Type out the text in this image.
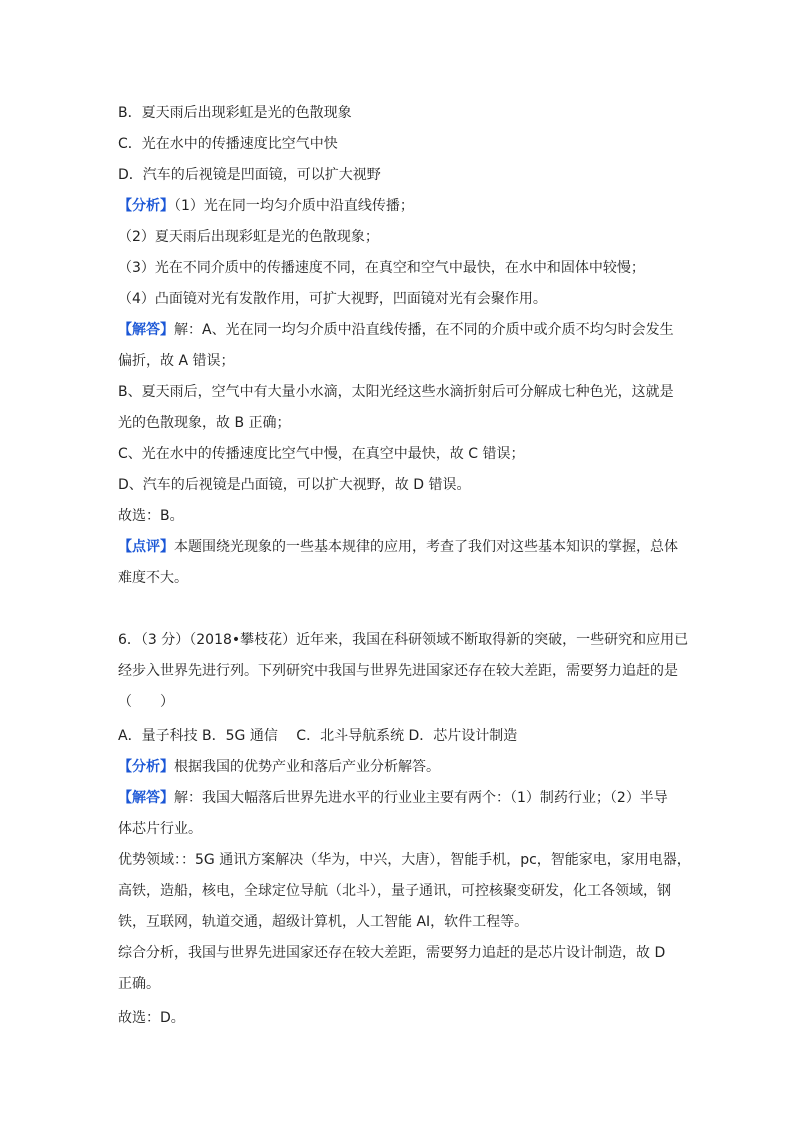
B．夏天雨后出现彩虹是光的色散现象
C．光在水中的传播速度比空气中快
D．汽车的后视镜是凹面镜，可以扩大视野
【分析】（1）光在同一均匀介质中沿直线传播；
（2）夏天雨后出现彩虹是光的色散现象；
（3）光在不同介质中的传播速度不同，在真空和空气中最快，在水中和固体中较慢；
（4）凸面镜对光有发散作用，可扩大视野，凹面镜对光有会聚作用。
【解答】解：A、光在同一均匀介质中沿直线传播，在不同的介质中或介质不均匀时会发生
偏折，故 A 错误；
B、夏天雨后，空气中有大量小水滴，太阳光经这些水滴折射后可分解成七种色光，这就是
光的色散现象，故 B 正确；
C、光在水中的传播速度比空气中慢，在真空中最快，故 C 错误；
D、汽车的后视镜是凸面镜，可以扩大视野，故 D 错误。
故选：B。
【点评】本题围绕光现象的一些基本规律的应用，考查了我们对这些基本知识的掌握，总体
难度不大。
6．（3 分）（2018•攀枝花）近年来，我国在科研领域不断取得新的突破，一些研究和应用已
经步入世界先进行列。下列研究中我国与世界先进国家还存在较大差距，需要努力追赶的是
（　　）
A．量子科技 B．5G 通信　 C．北斗导航系统 D．芯片设计制造
【分析】根据我国的优势产业和落后产业分析解答。
【解答】解：我国大幅落后世界先进水平的行业业主要有两个：（1）制药行业；（2）半导
体芯片行业。
优势领域：：5G 通讯方案解决（华为，中兴，大唐），智能手机，pc，智能家电，家用电器，
高铁，造船，核电，全球定位导航（北斗），量子通讯，可控核聚变研发，化工各领域，钢
铁，互联网，轨道交通，超级计算机，人工智能 AI，软件工程等。
综合分析，我国与世界先进国家还存在较大差距，需要努力追赶的是芯片设计制造，故 D
正确。
故选：D。
